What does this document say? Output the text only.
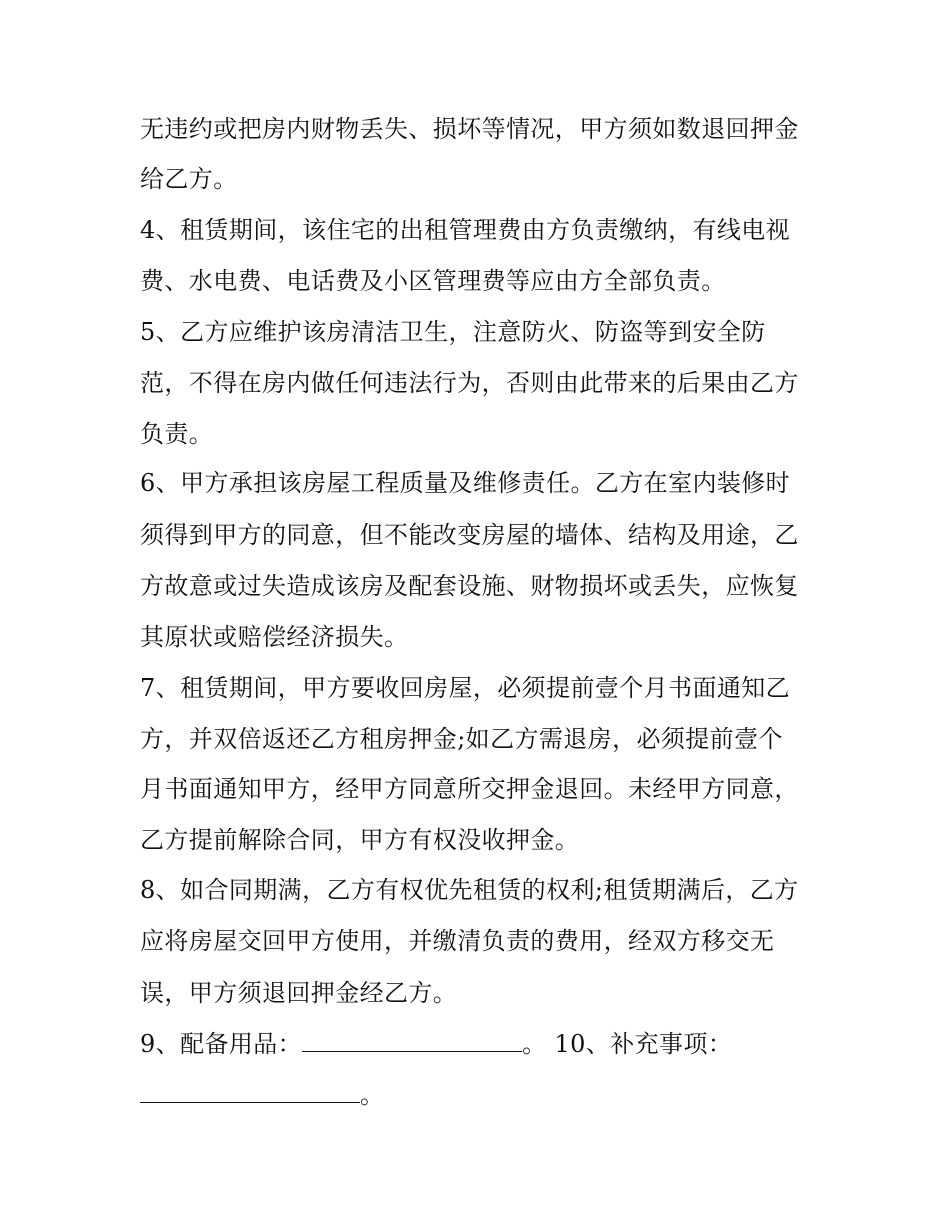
无违约或把房内财物丢失、损坏等情况，甲方须如数退回押金
给乙方。
4、租赁期间，该住宅的出租管理费由方负责缴纳，有线电视
费、水电费、电话费及小区管理费等应由方全部负责。
5、乙方应维护该房清洁卫生，注意防火、防盗等到安全防
范，不得在房内做任何违法行为，否则由此带来的后果由乙方
负责。
6、甲方承担该房屋工程质量及维修责任。乙方在室内装修时
须得到甲方的同意，但不能改变房屋的墙体、结构及用途，乙
方故意或过失造成该房及配套设施、财物损坏或丢失，应恢复
其原状或赔偿经济损失。
7、租赁期间，甲方要收回房屋，必须提前壹个月书面通知乙
方，并双倍返还乙方租房押金;如乙方需退房，必须提前壹个
月书面通知甲方，经甲方同意所交押金退回。未经甲方同意，
乙方提前解除合同，甲方有权没收押金。
8、如合同期满，乙方有权优先租赁的权利;租赁期满后，乙方
应将房屋交回甲方使用，并缴清负责的费用，经双方移交无
误，甲方须退回押金经乙方。
9、配备用品：	。 10、补充事项：
。
